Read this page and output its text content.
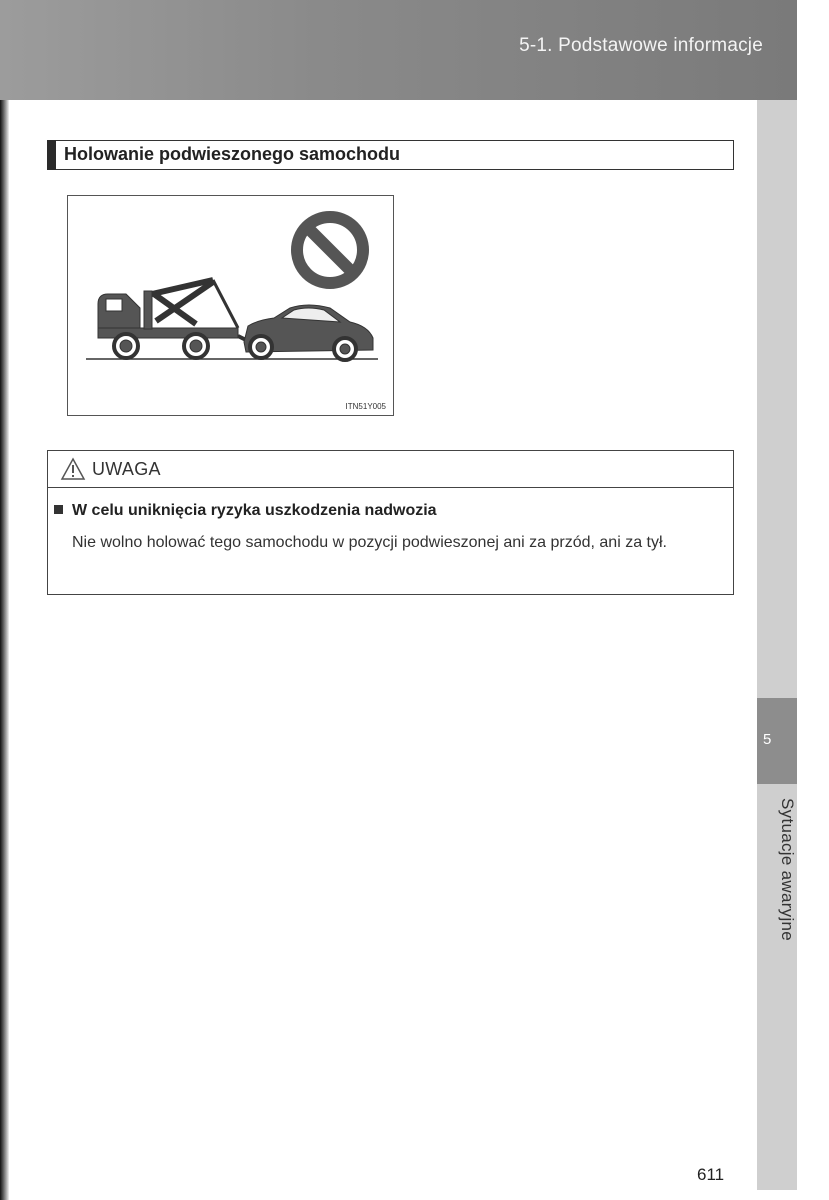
5-1. Podstawowe informacje
5
Sytuacje awaryjne
Holowanie podwieszonego samochodu
ITN51Y005
UWAGA
W celu uniknięcia ryzyka uszkodzenia nadwozia
Nie wolno holować tego samochodu w pozycji podwieszonej ani za przód, ani za tył.
611
